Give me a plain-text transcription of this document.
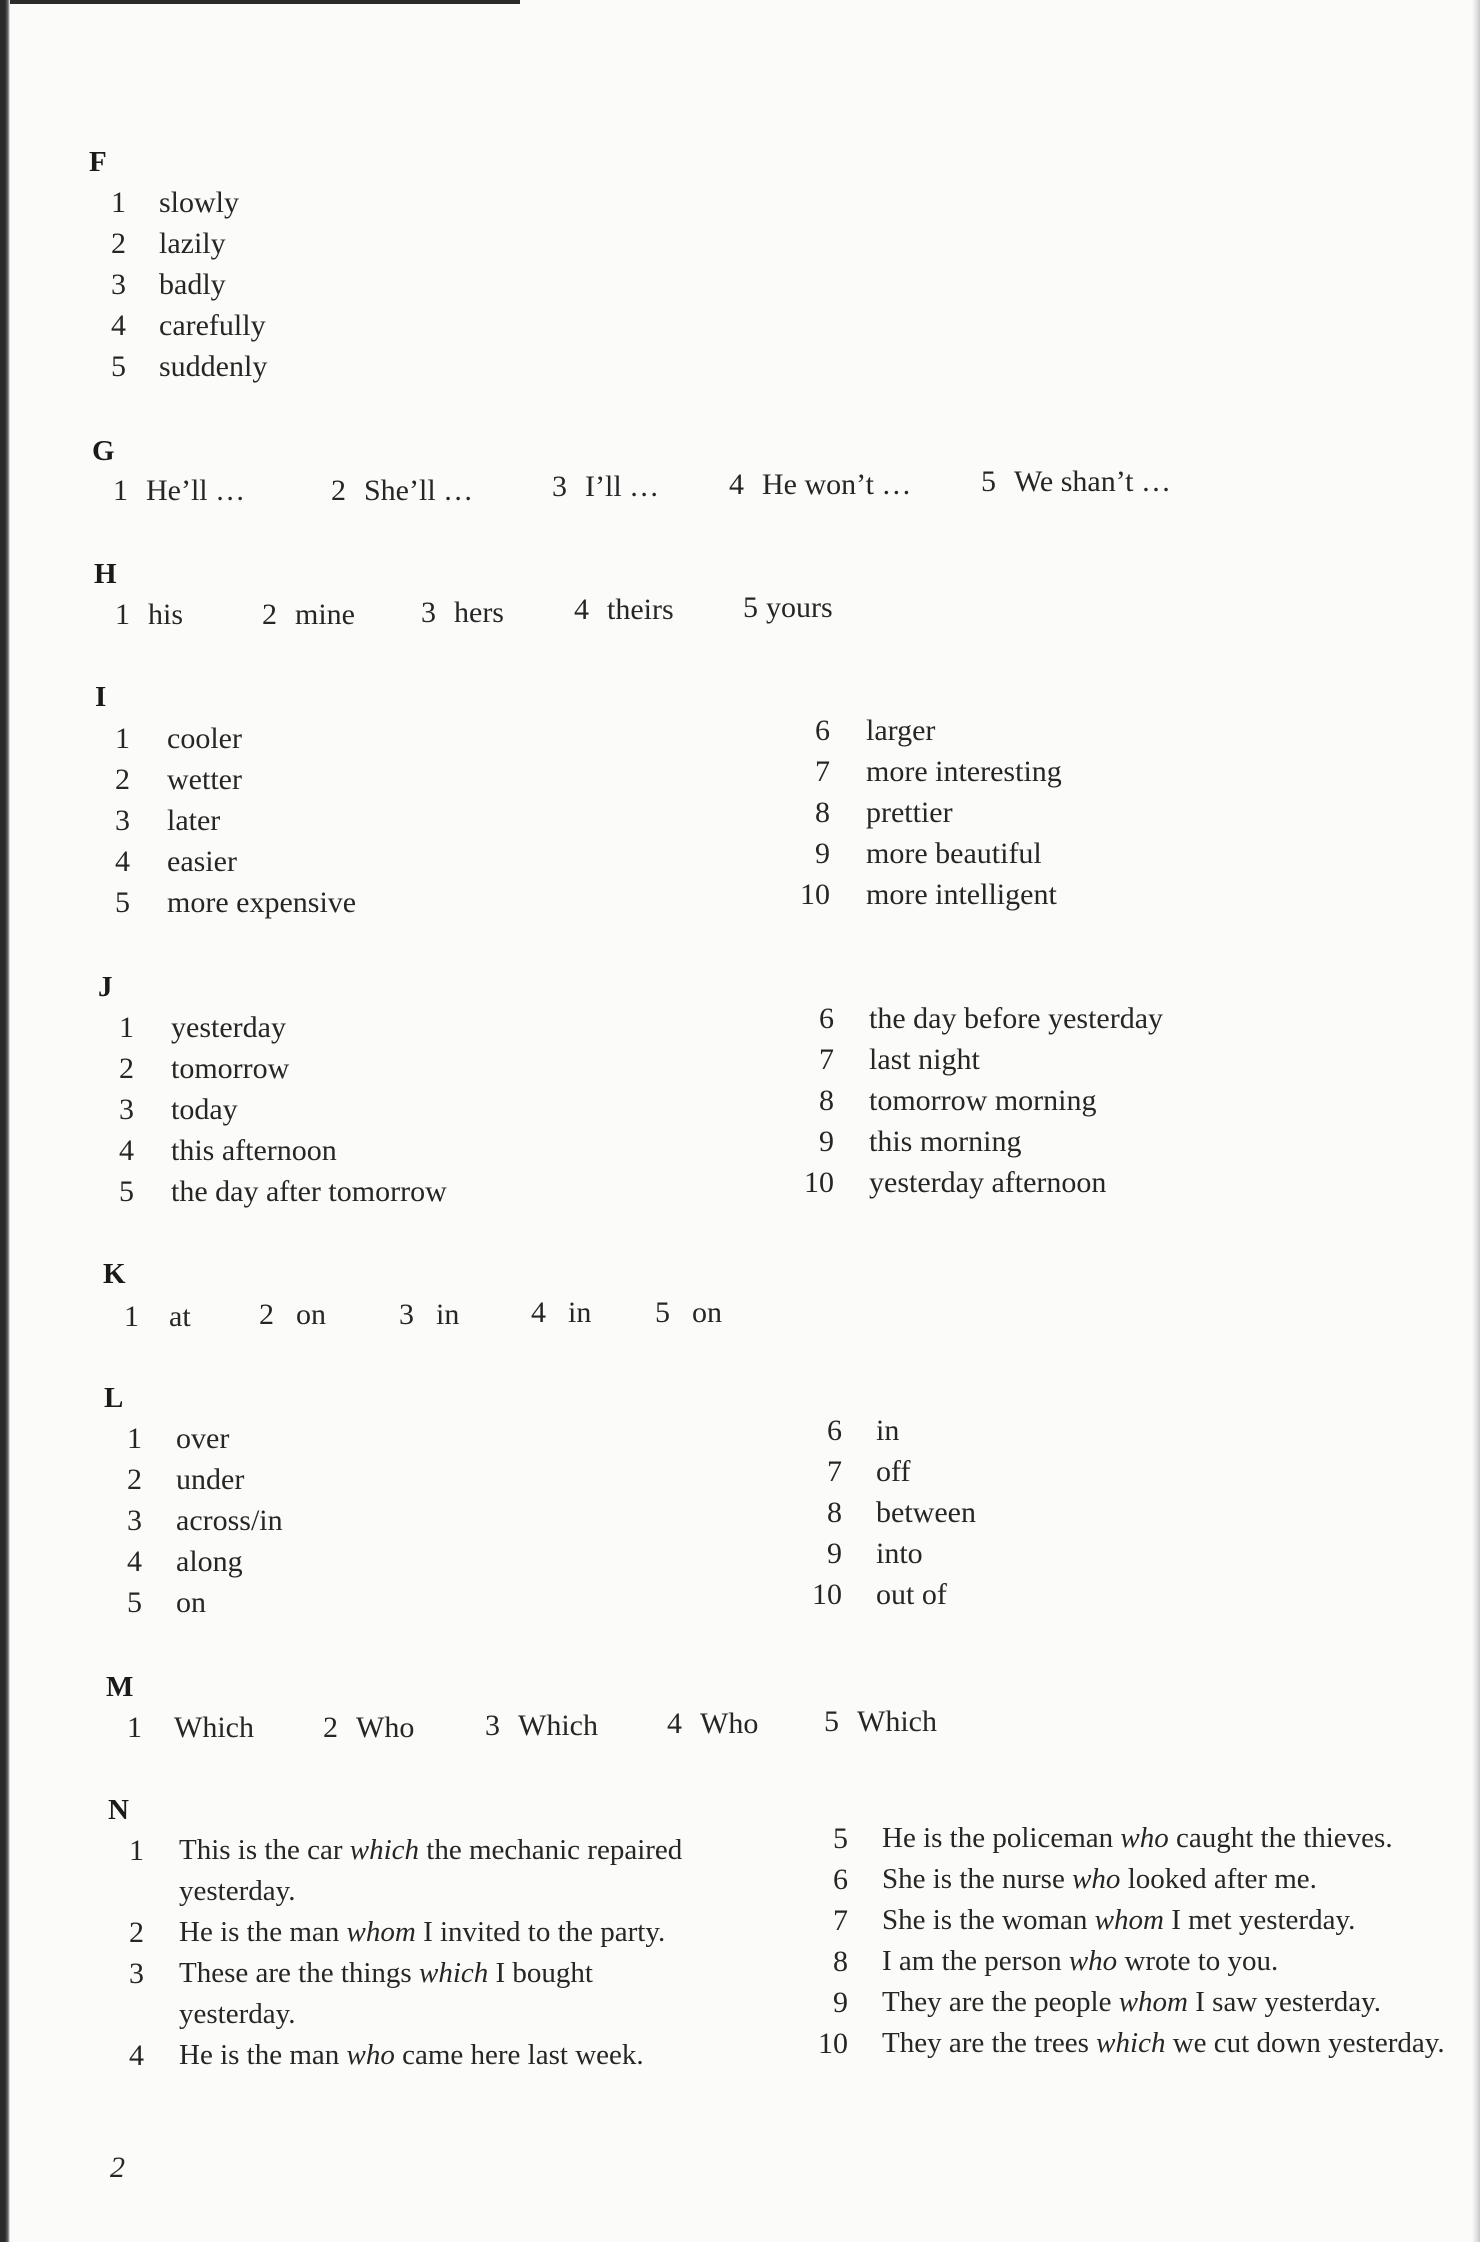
F
1 slowly
2 lazily
3 badly
4 carefully
5 suddenly
G
1 He’ll …	2 She’ll …	3 I’ll … 4 He won’t … 5 We shan’t …
H
1 his	2 mine 3 hers 4 theirs 5 yours
I
1 cooler
2 wetter
3 later
4 easier
5 more expensive
6 larger
7 more interesting
8 prettier
9 more beautiful
10 more intelligent
J
1 yesterday
2 tomorrow
3 today
4 this afternoon
5 the day after tomorrow
6 the day before yesterday
7 last night
8 tomorrow morning
9 this morning
10 yesterday afternoon
K
1 at 2 on 3 in 4 in 5 on
L
1 over
2 under
3 across/in
4 along
5 on
6 in
7 off
8 between
9 into
10 out of
M
1 Which 2 Who 3 Which 4 Who 5 Which
N
1 This is the car which the mechanic repaired yesterday.
2 He is the man whom I invited to the party.
3 These are the things which I bought yesterday.
4 He is the man who came here last week.
5 He is the policeman who caught the thieves.
6 She is the nurse who looked after me.
7 She is the woman whom I met yesterday.
8 I am the person who wrote to you.
9 They are the people whom I saw yesterday.
10 They are the trees which we cut down yesterday.
2
